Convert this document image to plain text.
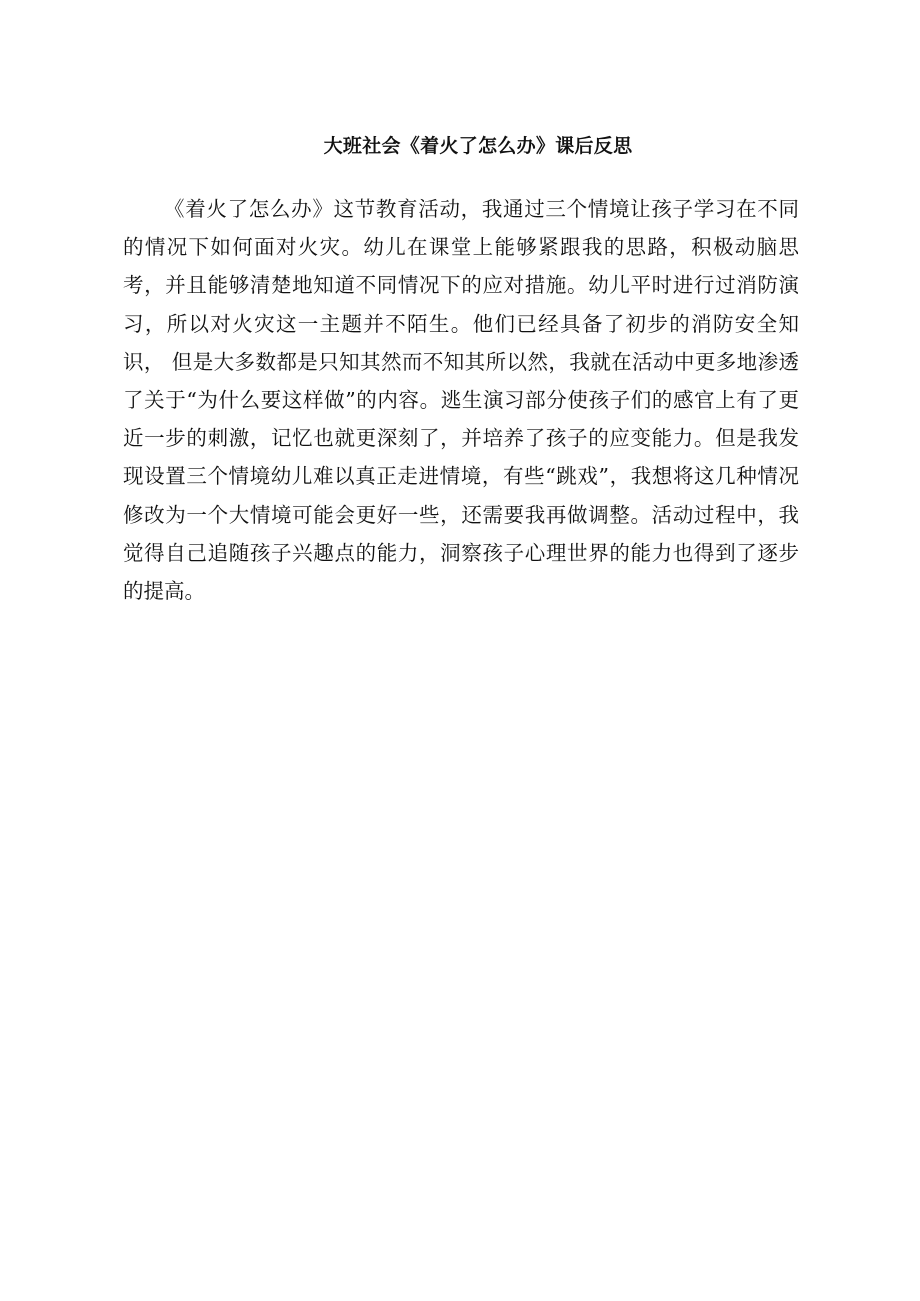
大班社会《着火了怎么办》课后反思

《着火了怎么办》这节教育活动，我通过三个情境让孩子学习在不同的情况下如何面对火灾。幼儿在课堂上能够紧跟我的思路，积极动脑思考，并且能够清楚地知道不同情况下的应对措施。幼儿平时进行过消防演习，所以对火灾这一主题并不陌生。他们已经具备了初步的消防安全知识， 但是大多数都是只知其然而不知其所以然，我就在活动中更多地渗透了关于“为什么要这样做”的内容。逃生演习部分使孩子们的感官上有了更近一步的刺激，记忆也就更深刻了，并培养了孩子的应变能力。但是我发现设置三个情境幼儿难以真正走进情境，有些“跳戏”，我想将这几种情况修改为一个大情境可能会更好一些，还需要我再做调整。活动过程中，我觉得自己追随孩子兴趣点的能力，洞察孩子心理世界的能力也得到了逐步的提高。
